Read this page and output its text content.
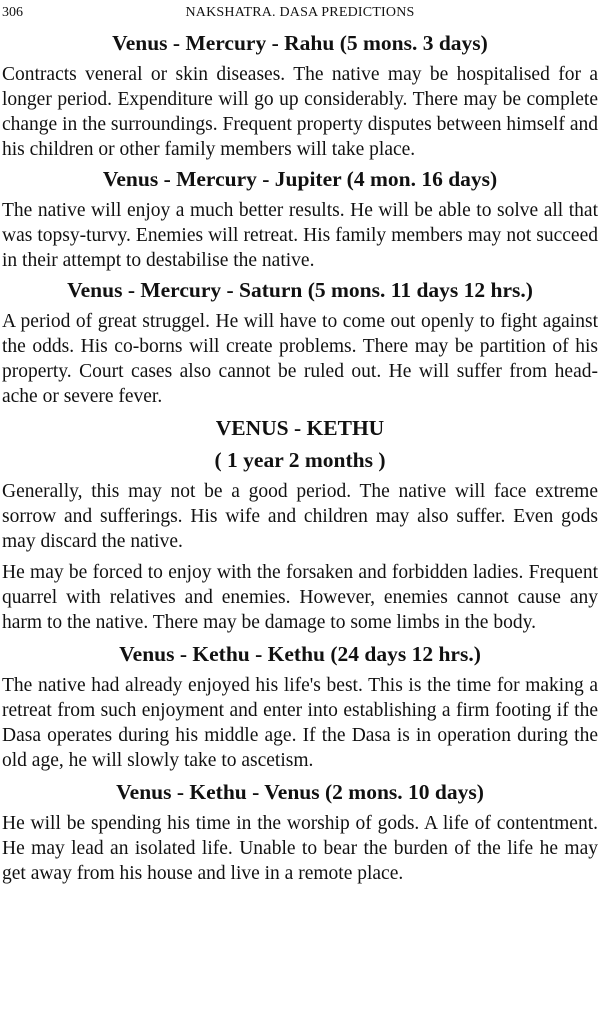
306	NAKSHATRA. DASA PREDICTIONS
Venus - Mercury - Rahu (5 mons. 3 days)

Contracts veneral or skin diseases. The native may be hospitalised for a longer period. Expenditure will go up considerably. There may be complete change in the surroundings. Frequent property disputes between himself and his children or other family members will take place.

Venus - Mercury - Jupiter (4 mon. 16 days)

The native will enjoy a much better results. He will be able to solve all that was topsy-turvy. Enemies will retreat. His family members may not succeed in their attempt to destabilise the native.

Venus - Mercury - Saturn (5 mons. 11 days 12 hrs.)

A period of great struggel. He will have to come out openly to fight against the odds. His co-borns will create problems. There may be partition of his property. Court cases also cannot be ruled out. He will suffer from head-ache or severe fever.

VENUS - KETHU
( 1 year 2 months )

Generally, this may not be a good period. The native will face extreme sorrow and sufferings. His wife and children may also suffer. Even gods may discard the native.

He may be forced to enjoy with the forsaken and forbidden ladies. Frequent quarrel with relatives and enemies. However, enemies cannot cause any harm to the native. There may be damage to some limbs in the body.

Venus - Kethu - Kethu (24 days 12 hrs.)

The native had already enjoyed his life's best. This is the time for making a retreat from such enjoyment and enter into establishing a firm footing if the Dasa operates during his middle age. If the Dasa is in operation during the old age, he will slowly take to ascetism.

Venus - Kethu - Venus (2 mons. 10 days)

He will be spending his time in the worship of gods. A life of contentment. He may lead an isolated life. Unable to bear the burden of the life he may get away from his house and live in a remote place.
